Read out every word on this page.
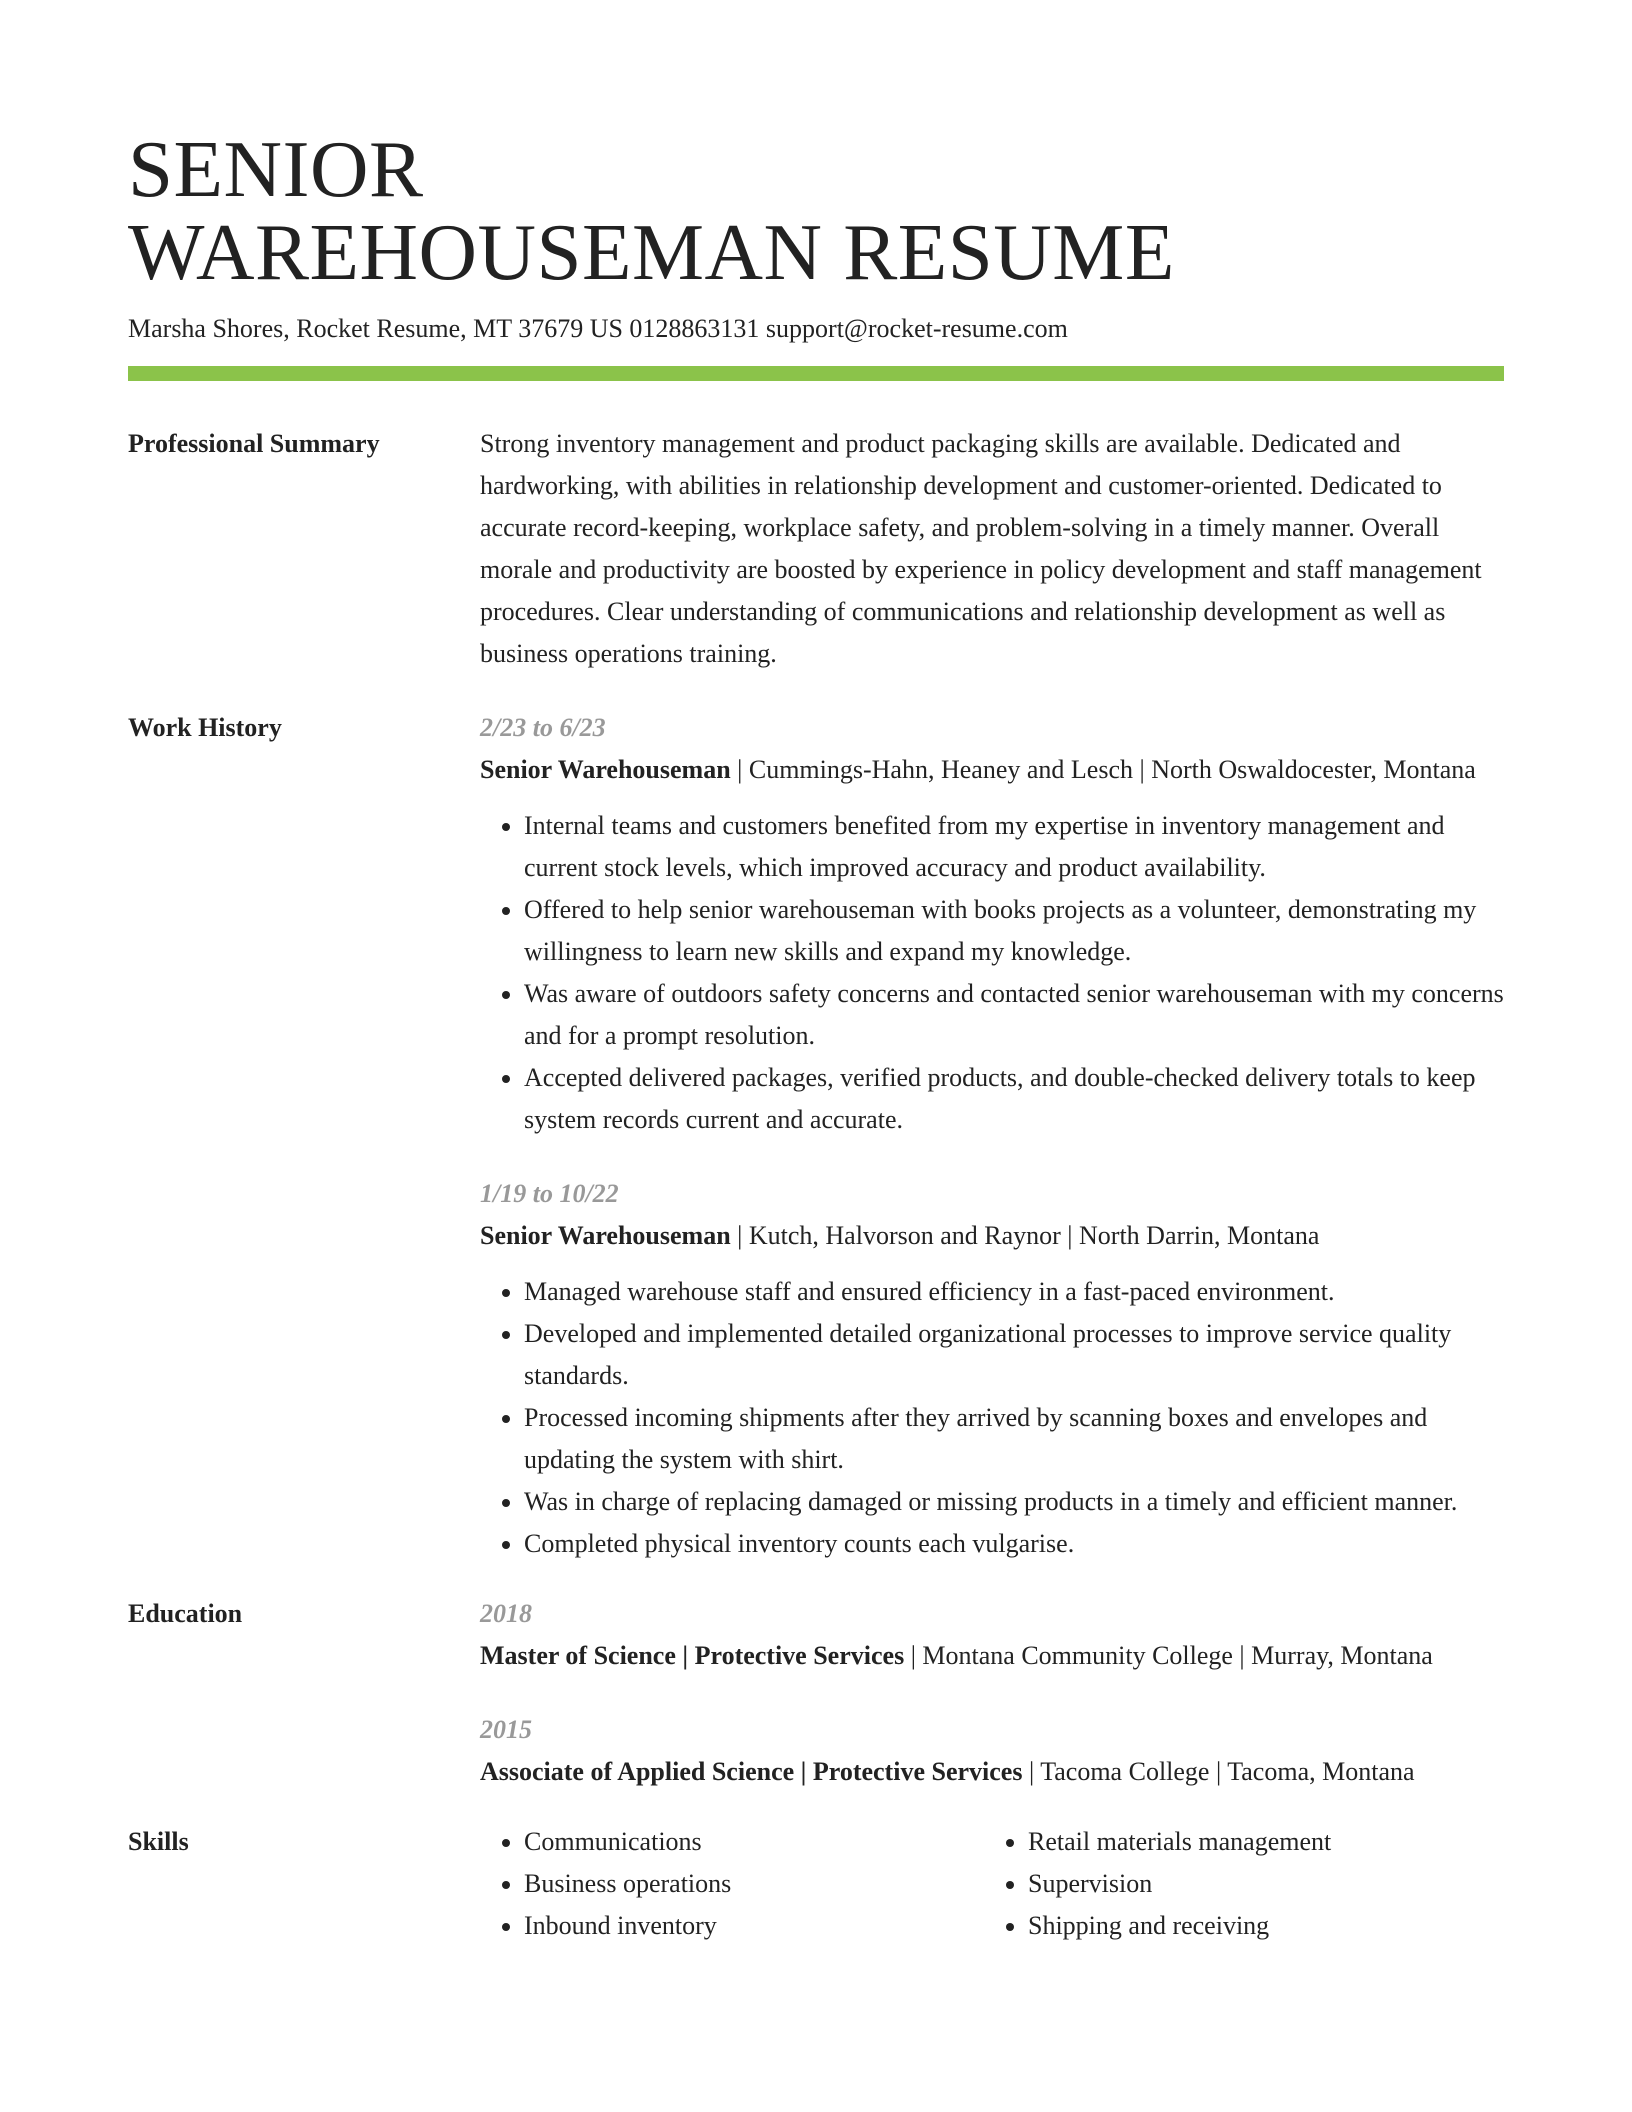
SENIOR
WAREHOUSEMAN RESUME
Marsha Shores, Rocket Resume, MT 37679 US 0128863131 support@rocket-resume.com
Professional Summary	Strong inventory management and product packaging skills are available. Dedicated and hardworking, with abilities in relationship development and customer-oriented. Dedicated to accurate record-keeping, workplace safety, and problem-solving in a timely manner. Overall morale and productivity are boosted by experience in policy development and staff management procedures. Clear understanding of communications and relationship development as well as business operations training.

Work History	2/23 to 6/23

Senior Warehouseman | Cummings-Hahn, Heaney and Lesch | North Oswaldocester, Montana

• Internal teams and customers benefited from my expertise in inventory management and current stock levels, which improved accuracy and product availability.
• Offered to help senior warehouseman with books projects as a volunteer, demonstrating my willingness to learn new skills and expand my knowledge.
• Was aware of outdoors safety concerns and contacted senior warehouseman with my concerns and for a prompt resolution.
• Accepted delivered packages, verified products, and double-checked delivery totals to keep system records current and accurate.
1/19 to 10/22

Senior Warehouseman | Kutch, Halvorson and Raynor | North Darrin, Montana

• Managed warehouse staff and ensured efficiency in a fast-paced environment.
• Developed and implemented detailed organizational processes to improve service quality standards.
• Processed incoming shipments after they arrived by scanning boxes and envelopes and updating the system with shirt.
• Was in charge of replacing damaged or missing products in a timely and efficient manner.
• Completed physical inventory counts each vulgarise.
Education	2018

Master of Science | Protective Services | Montana Community College | Murray, Montana

2015

Associate of Applied Science | Protective Services | Tacoma College | Tacoma, Montana

Skills
•	Communications
• Business operations
• Inbound inventory
• Retail materials management
• Supervision
• Shipping and receiving
